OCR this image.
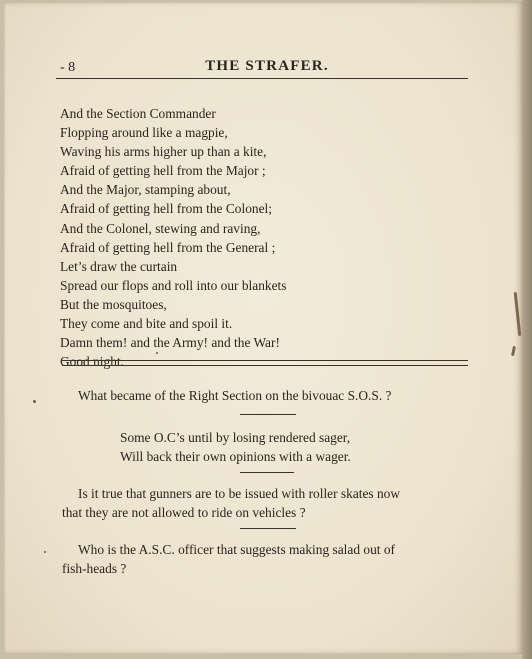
- 8	THE STRAFER.
And the Section Commander
Flopping around like a magpie,
Waving his arms higher up than a kite,
Afraid of getting hell from the Major ;
And the Major, stamping about,
Afraid of getting hell from the Colonel;
And the Colonel, stewing and raving,
Afraid of getting hell from the General ;
Let’s draw the curtain
Spread our flops and roll into our blankets
But the mosquitoes,
They come and bite and spoil it.
Damn them! and the Army! and the War!
Good night.
What became of the Right Section on the bivouac S.O.S. ?
Some O.C’s until by losing rendered sager,
Will back their own opinions with a wager.
Is it true that gunners are to be issued with roller skates now
that they are not allowed to ride on vehicles ?
Who is the A.S.C. officer that suggests making salad out of
fish-heads ?
